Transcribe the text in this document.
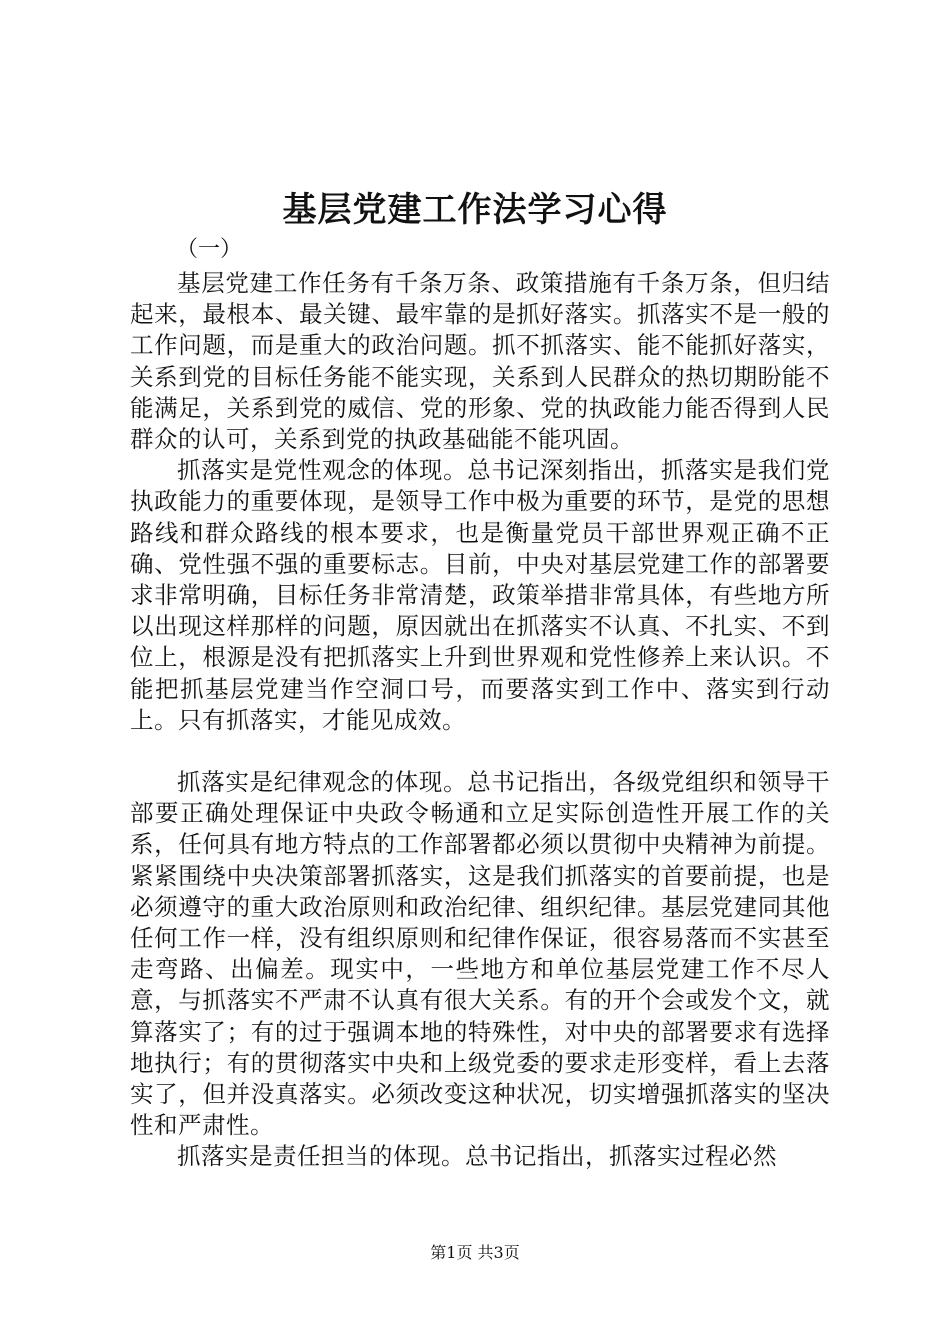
基层党建工作法学习心得
（一）

基层党建工作任务有千条万条、政策措施有千条万条，但归结起来，最根本、最关键、最牢靠的是抓好落实。抓落实不是一般的工作问题，而是重大的政治问题。抓不抓落实、能不能抓好落实，关系到党的目标任务能不能实现，关系到人民群众的热切期盼能不能满足，关系到党的威信、党的形象、党的执政能力能否得到人民群众的认可，关系到党的执政基础能不能巩固。

抓落实是党性观念的体现。总书记深刻指出，抓落实是我们党执政能力的重要体现，是领导工作中极为重要的环节，是党的思想路线和群众路线的根本要求，也是衡量党员干部世界观正确不正确、党性强不强的重要标志。目前，中央对基层党建工作的部署要求非常明确，目标任务非常清楚，政策举措非常具体，有些地方所以出现这样那样的问题，原因就出在抓落实不认真、不扎实、不到位上，根源是没有把抓落实上升到世界观和党性修养上来认识。不能把抓基层党建当作空洞口号，而要落实到工作中、落实到行动上。只有抓落实，才能见成效。

抓落实是纪律观念的体现。总书记指出，各级党组织和领导干部要正确处理保证中央政令畅通和立足实际创造性开展工作的关系，任何具有地方特点的工作部署都必须以贯彻中央精神为前提。紧紧围绕中央决策部署抓落实，这是我们抓落实的首要前提，也是必须遵守的重大政治原则和政治纪律、组织纪律。基层党建同其他任何工作一样，没有组织原则和纪律作保证，很容易落而不实甚至走弯路、出偏差。现实中，一些地方和单位基层党建工作不尽人意，与抓落实不严肃不认真有很大关系。有的开个会或发个文，就算落实了；有的过于强调本地的特殊性，对中央的部署要求有选择地执行；有的贯彻落实中央和上级党委的要求走形变样，看上去落实了，但并没真落实。必须改变这种状况，切实增强抓落实的坚决性和严肃性。

抓落实是责任担当的体现。总书记指出，抓落实过程必然

第1页 共3页
